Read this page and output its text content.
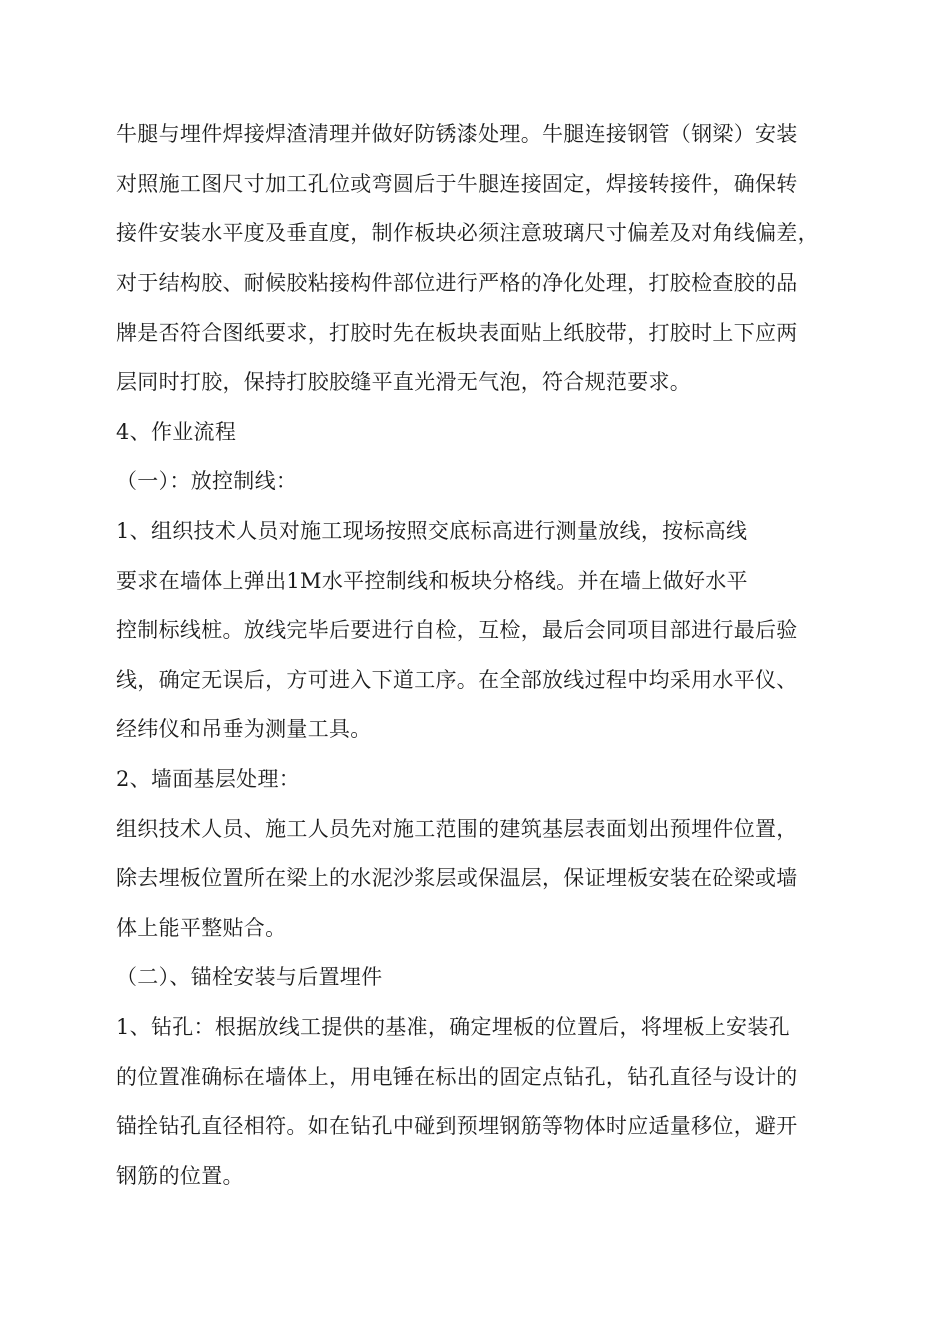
牛腿与埋件焊接焊渣清理并做好防锈漆处理。牛腿连接钢管（钢梁）安装

对照施工图尺寸加工孔位或弯圆后于牛腿连接固定，焊接转接件，确保转

接件安装水平度及垂直度，制作板块必须注意玻璃尺寸偏差及对角线偏差，

对于结构胶、耐候胶粘接构件部位进行严格的净化处理，打胶检查胶的品

牌是否符合图纸要求，打胶时先在板块表面贴上纸胶带，打胶时上下应两

层同时打胶，保持打胶胶缝平直光滑无气泡，符合规范要求。

4、作业流程

（一）：放控制线：

1、组织技术人员对施工现场按照交底标高进行测量放线，按标高线

要求在墙体上弹出1M水平控制线和板块分格线。并在墙上做好水平

控制标线桩。放线完毕后要进行自检，互检，最后会同项目部进行最后验

线，确定无误后，方可进入下道工序。在全部放线过程中均采用水平仪、

经纬仪和吊垂为测量工具。

2、墙面基层处理：

组织技术人员、施工人员先对施工范围的建筑基层表面划出预埋件位置，

除去埋板位置所在梁上的水泥沙浆层或保温层，保证埋板安装在砼梁或墙

体上能平整贴合。

（二）、锚栓安装与后置埋件

1、钻孔：根据放线工提供的基准，确定埋板的位置后，将埋板上安装孔

的位置准确标在墙体上，用电锤在标出的固定点钻孔，钻孔直径与设计的

锚拴钻孔直径相符。如在钻孔中碰到预埋钢筋等物体时应适量移位，避开

钢筋的位置。
